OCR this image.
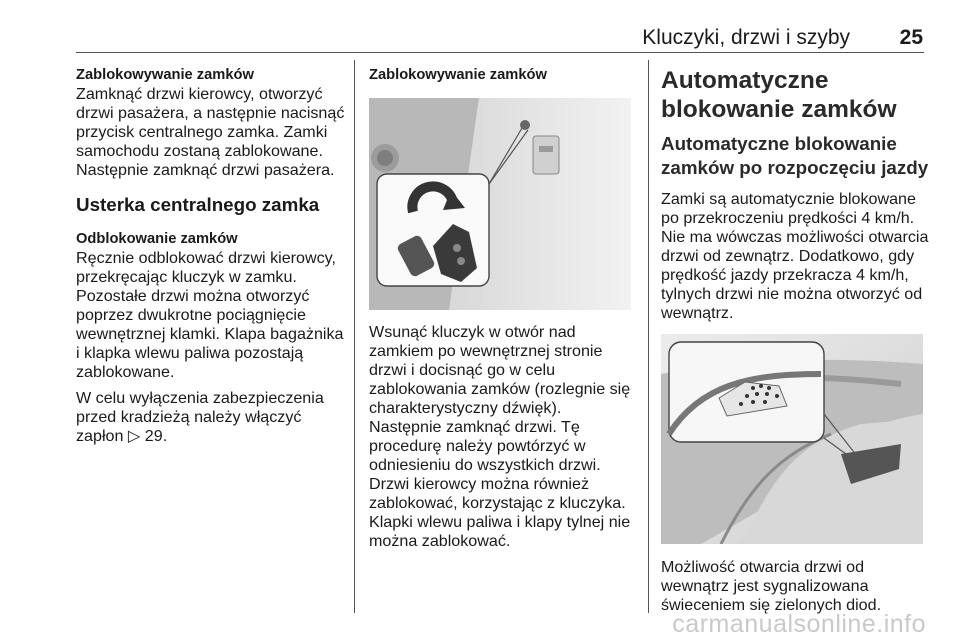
Kluczyki, drzwi i szyby 25

Zablokowywanie zamków

Zamknąć drzwi kierowcy, otworzyć drzwi pasażera, a następnie nacisnąć przycisk centralnego zamka. Zamki samochodu zostaną zablokowane. Następnie zamknąć drzwi pasażera.

Usterka centralnego zamka

Odblokowanie zamków

Ręcznie odblokować drzwi kierowcy, przekręcając kluczyk w zamku. Pozostałe drzwi można otworzyć poprzez dwukrotne pociągnięcie wewnętrznej klamki. Klapa bagażnika i klapka wlewu paliwa pozostają zablokowane.

W celu wyłączenia zabezpieczenia przed kradzieżą należy włączyć zapłon ▷ 29.

Zablokowywanie zamków

Wsunąć kluczyk w otwór nad zamkiem po wewnętrznej stronie drzwi i docisnąć go w celu zablokowania zamków (rozlegnie się charakterystyczny dźwięk). Następnie zamknąć drzwi. Tę procedurę należy powtórzyć w odniesieniu do wszystkich drzwi. Drzwi kierowcy można również zablokować, korzystając z kluczyka. Klapki wlewu paliwa i klapy tylnej nie można zablokować.

Automatyczne blokowanie zamków

Automatyczne blokowanie zamków po rozpoczęciu jazdy

Zamki są automatycznie blokowane po przekroczeniu prędkości 4 km/h. Nie ma wówczas możliwości otwarcia drzwi od zewnątrz. Dodatkowo, gdy prędkość jazdy przekracza 4 km/h, tylnych drzwi nie można otworzyć od wewnątrz.

Możliwość otwarcia drzwi od wewnątrz jest sygnalizowana świeceniem się zielonych diod.

carmanualsonline.info
